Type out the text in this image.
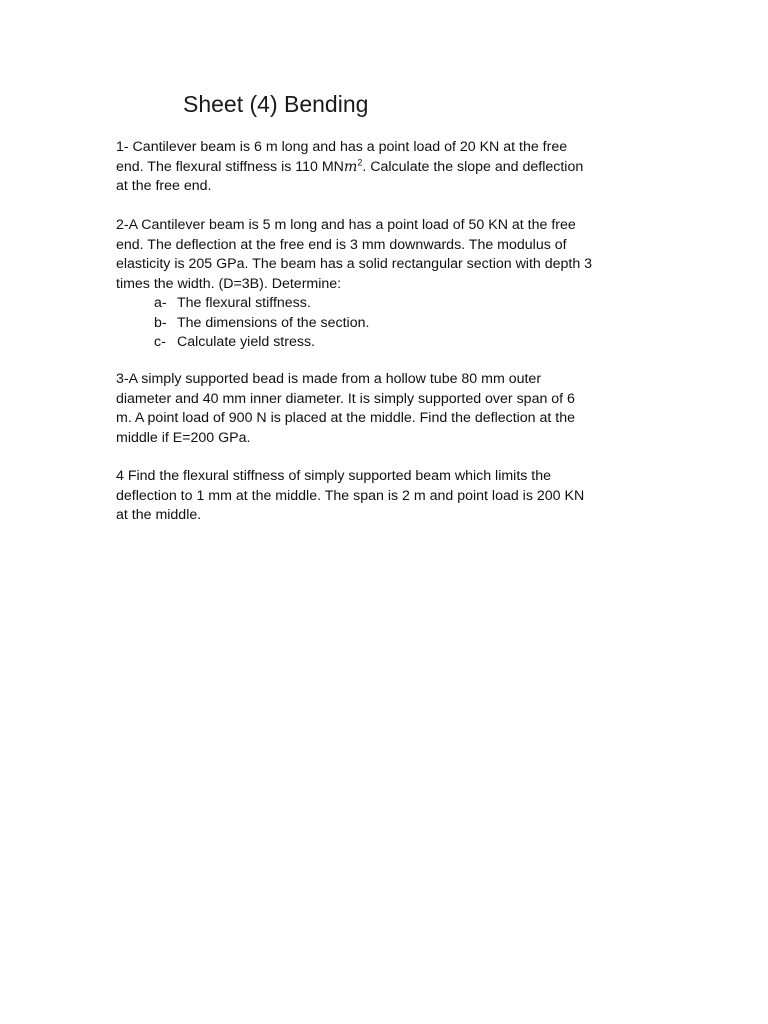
Sheet (4) Bending
1- Cantilever beam is 6 m long and has a point load of 20 KN at the free
end. The flexural stiffness is 110 MNm$^2$. Calculate the slope and deflection
at the free end.
2-A Cantilever beam is 5 m long and has a point load of 50 KN at the free
end. The deflection at the free end is 3 mm downwards. The modulus of
elasticity is 205 GPa. The beam has a solid rectangular section with depth 3
times the width. (D=3B). Determine:
a- The flexural stiffness.
b- The dimensions of the section.
c- Calculate yield stress.
3-A simply supported bead is made from a hollow tube 80 mm outer
diameter and 40 mm inner diameter. It is simply supported over span of 6
m. A point load of 900 N is placed at the middle. Find the deflection at the
middle if E=200 GPa.
4 Find the flexural stiffness of simply supported beam which limits the
deflection to 1 mm at the middle. The span is 2 m and point load is 200 KN
at the middle.
